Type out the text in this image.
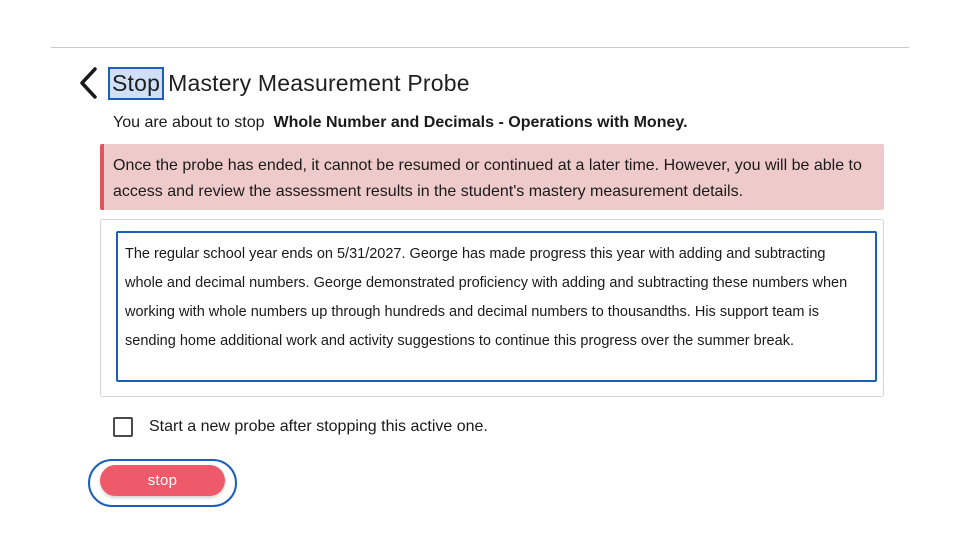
Stop Mastery Measurement Probe
You are about to stop Whole Number and Decimals - Operations with Money.
Once the probe has ended, it cannot be resumed or continued at a later time. However, you will be able to access and review the assessment results in the student's mastery measurement details.
The regular school year ends on 5/31/2027. George has made progress this year with adding and subtracting whole and decimal numbers. George demonstrated proficiency with adding and subtracting these numbers when working with whole numbers up through hundreds and decimal numbers to thousandths. His support team is sending home additional work and activity suggestions to continue this progress over the summer break.
Start a new probe after stopping this active one.
stop
